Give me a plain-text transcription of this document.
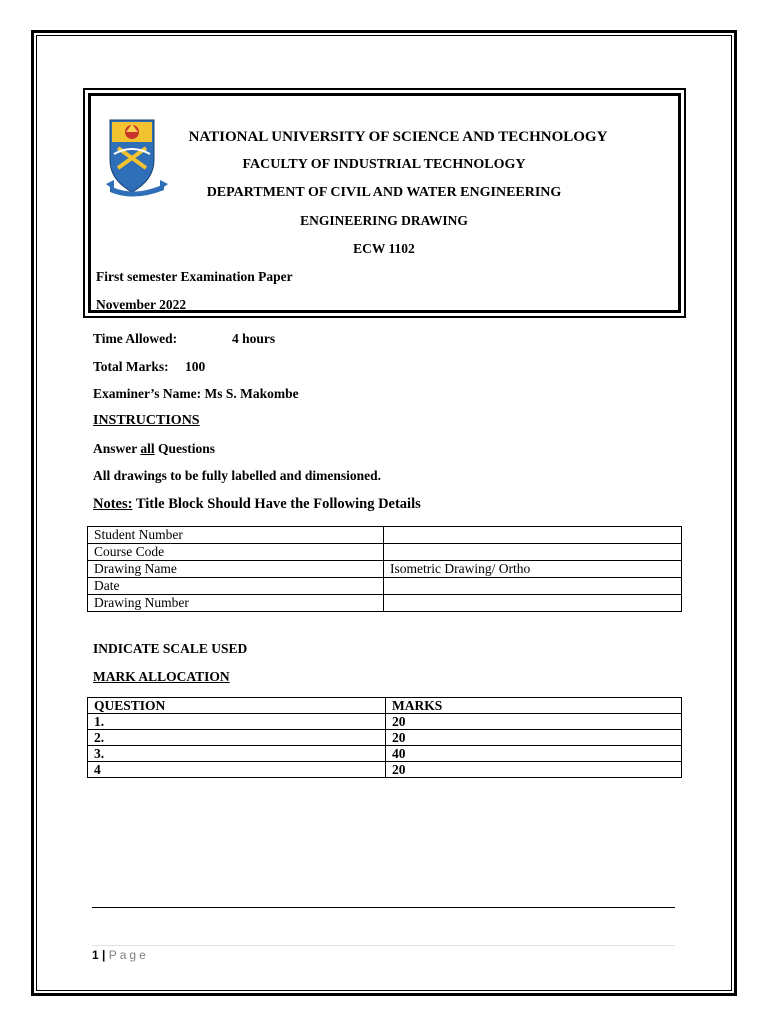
NATIONAL UNIVERSITY OF SCIENCE AND TECHNOLOGY
FACULTY OF INDUSTRIAL TECHNOLOGY
DEPARTMENT OF CIVIL AND WATER ENGINEERING
ENGINEERING DRAWING
ECW 1102
First semester Examination Paper
November 2022
Time Allowed:	4 hours
Total Marks: 100
Examiner’s Name: Ms S. Makombe
INSTRUCTIONS
Answer all Questions
All drawings to be fully labelled and dimensioned.
Notes: Title Block Should Have the Following Details
Student Number	
Course Code	
Drawing Name	Isometric Drawing/ Ortho
Date	
Drawing Number	
INDICATE SCALE USED
MARK ALLOCATION
QUESTION	MARKS
1.	20
2.	20
3.	40
4	20
1 | Page
